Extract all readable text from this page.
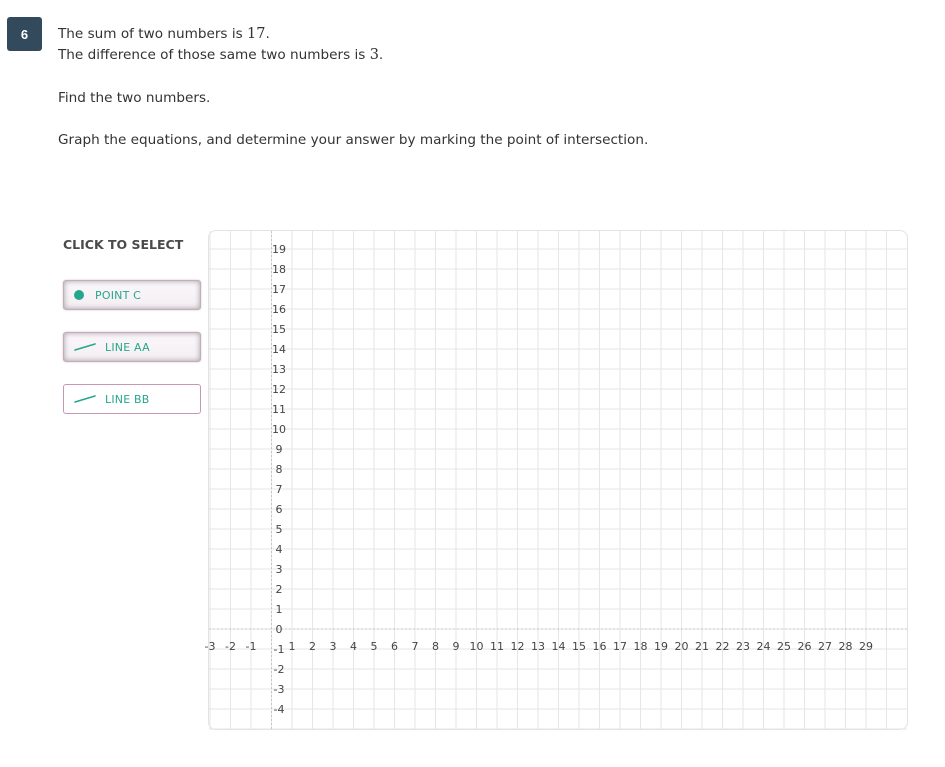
6	The sum of two numbers is 17.
The difference of those same two numbers is 3.
Find the two numbers.
Graph the equations, and determine your answer by marking the point of intersection.
CLICK TO SELECT
POINT C
LINE AA
LINE BB
-3 -2 -1	1 2 3 4 5 6 7 8 9 10 11 12 13 14 15 16 17 18 19 20 21 22 23 24 25 26 27 28 29
19
18
17
16
15
14
13
12
11
10
9
8
7
6
5
4
3
2
1
0
-1
-2
-3
-4
